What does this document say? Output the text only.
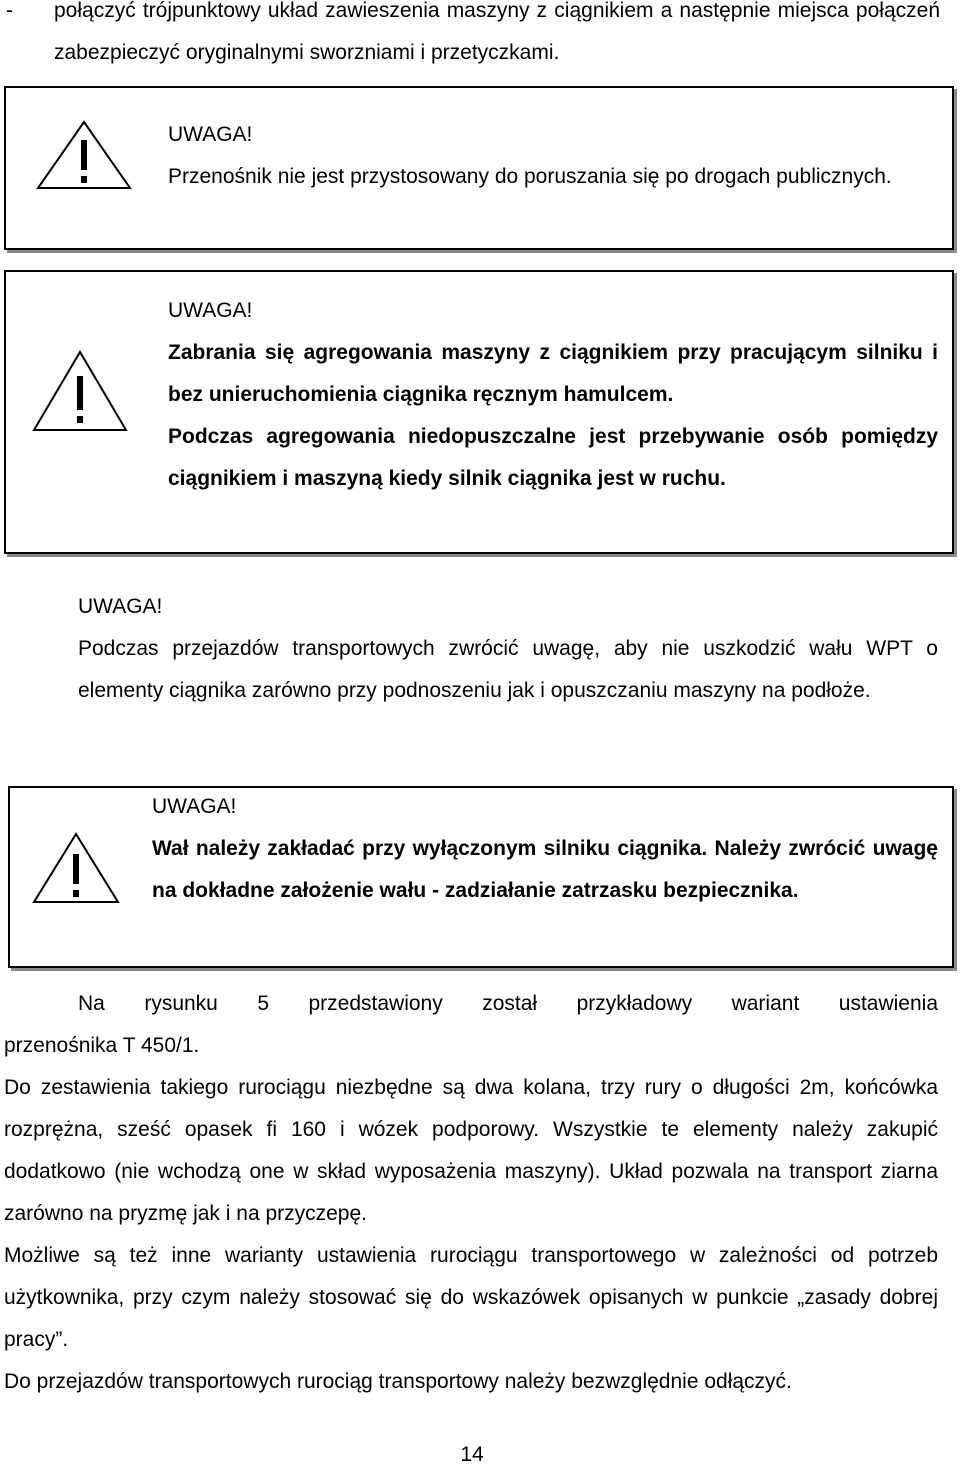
- połączyć trójpunktowy układ zawieszenia maszyny z ciągnikiem a następnie miejsca połączeń zabezpieczyć oryginalnymi sworzniami i przetyczkami.
UWAGA!
Przenośnik nie jest przystosowany do poruszania się po drogach publicznych.
UWAGA!
Zabrania się agregowania maszyny z ciągnikiem przy pracującym silniku i bez unieruchomienia ciągnika ręcznym hamulcem.
Podczas agregowania niedopuszczalne jest przebywanie osób pomiędzy ciągnikiem i maszyną kiedy silnik ciągnika jest w ruchu.
UWAGA!
Podczas przejazdów transportowych zwrócić uwagę, aby nie uszkodzić wału WPT o elementy ciągnika zarówno przy podnoszeniu jak i opuszczaniu maszyny na podłoże.
UWAGA!
Wał należy zakładać przy wyłączonym silniku ciągnika. Należy zwrócić uwagę na dokładne założenie wału - zadziałanie zatrzasku bezpiecznika.
Na rysunku 5 przedstawiony został przykładowy wariant ustawienia
przenośnika T 450/1.
Do zestawienia takiego rurociągu niezbędne są dwa kolana, trzy rury o długości 2m, końcówka rozprężna, sześć opasek fi 160 i wózek podporowy. Wszystkie te elementy należy zakupić dodatkowo (nie wchodzą one w skład wyposażenia maszyny). Układ pozwala na transport ziarna zarówno na pryzmę jak i na przyczepę.
Możliwe są też inne warianty ustawienia rurociągu transportowego w zależności od potrzeb użytkownika, przy czym należy stosować się do wskazówek opisanych w punkcie „zasady dobrej pracy”.
Do przejazdów transportowych rurociąg transportowy należy bezwzględnie odłączyć.
14
